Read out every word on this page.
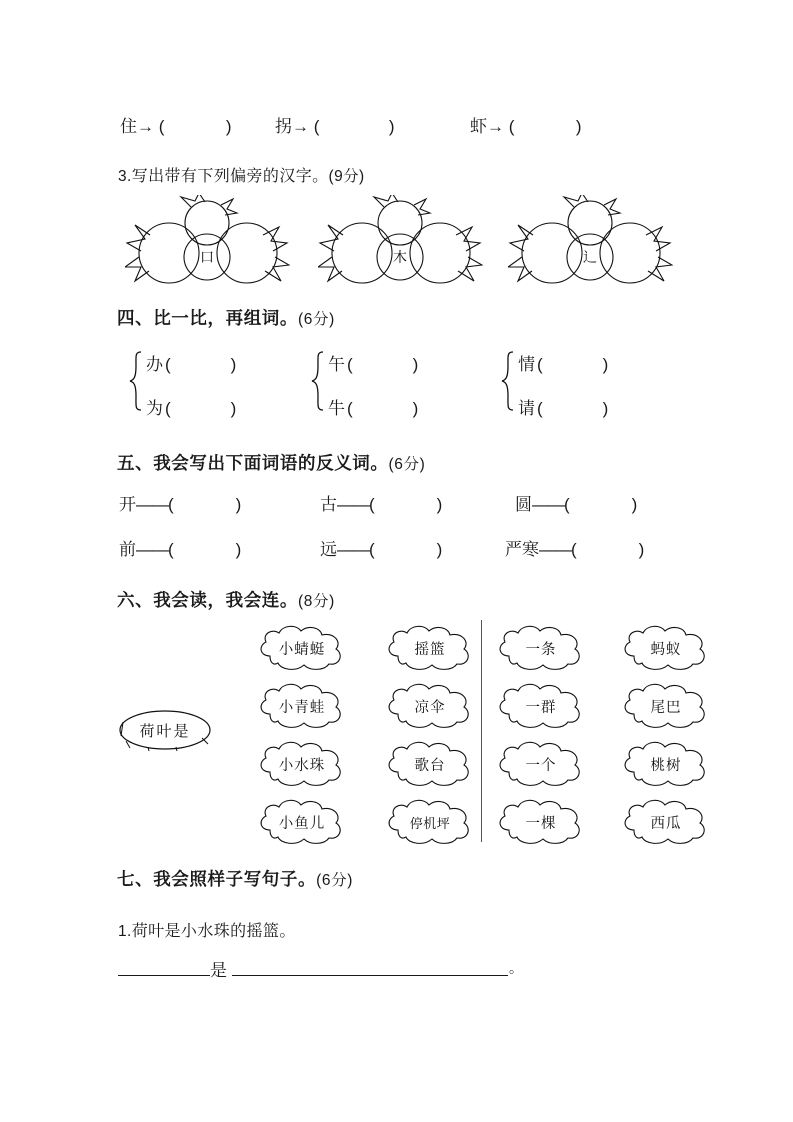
住→ (	)	拐→ (	)	虾→ (	)
3.写出带有下列偏旁的汉字。(9分)
口	木	辶
四、比一比，再组词。(6分)
办 (	)
为 (	)
午 (	)
牛 (	)
情 (	)
请 (	)
五、我会写出下面词语的反义词。(6分)
开——(	)	古——(	)	圆——(	)
前——(	)	远——(	)	严寒——(	)
六、我会读，我会连。(8分)
荷叶是
小蜻蜓
小青蛙
小水珠
小鱼儿
摇篮
凉伞
歌台
停机坪
一条
一群
一个
一棵
蚂蚁
尾巴
桃树
西瓜
七、我会照样子写句子。(6分)
1.荷叶是小水珠的摇篮。
是	。
